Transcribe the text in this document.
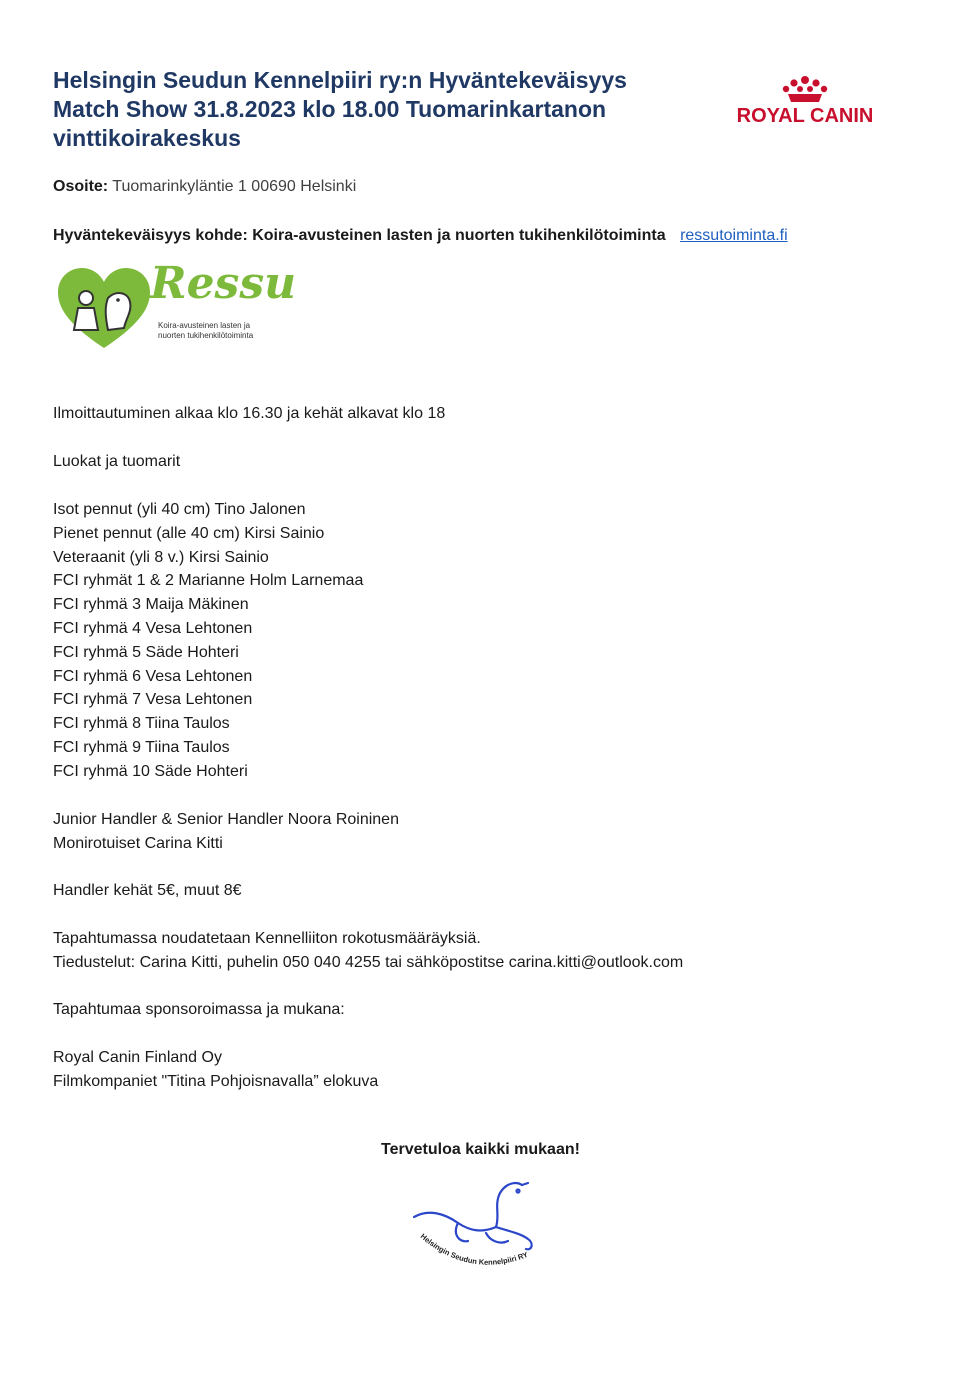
Helsingin Seudun Kennelpiiri ry:n Hyväntekeväisyys
Match Show 31.8.2023 klo 18.00 Tuomarinkartanon
vinttikoirakeskus
ROYAL CANIN
Osoite: Tuomarinkyläntie 1 00690 Helsinki
Hyväntekeväisyys kohde: Koira-avusteinen lasten ja nuorten tukihenkilötoiminta ressutoiminta.fi
Ressu
Koira-avusteinen lasten ja
nuorten tukihenkilötoiminta
Ilmoittautuminen alkaa klo 16.30 ja kehät alkavat klo 18
Luokat ja tuomarit
Isot pennut (yli 40 cm) Tino Jalonen
Pienet pennut (alle 40 cm) Kirsi Sainio
Veteraanit (yli 8 v.) Kirsi Sainio
FCI ryhmät 1 & 2 Marianne Holm Larnemaa
FCI ryhmä 3 Maija Mäkinen
FCI ryhmä 4 Vesa Lehtonen
FCI ryhmä 5 Säde Hohteri
FCI ryhmä 6 Vesa Lehtonen
FCI ryhmä 7 Vesa Lehtonen
FCI ryhmä 8 Tiina Taulos
FCI ryhmä 9 Tiina Taulos
FCI ryhmä 10 Säde Hohteri
Junior Handler & Senior Handler Noora Roininen
Monirotuiset Carina Kitti
Handler kehät 5€, muut 8€
Tapahtumassa noudatetaan Kennelliiton rokotusmääräyksiä.
Tiedustelut: Carina Kitti, puhelin 050 040 4255 tai sähköpostitse carina.kitti@outlook.com
Tapahtumaa sponsoroimassa ja mukana:
Royal Canin Finland Oy
Filmkompaniet "Titina Pohjoisnavalla” elokuva
Tervetuloa kaikki mukaan!
Helsingin Seudun Kennelpiiri RY
